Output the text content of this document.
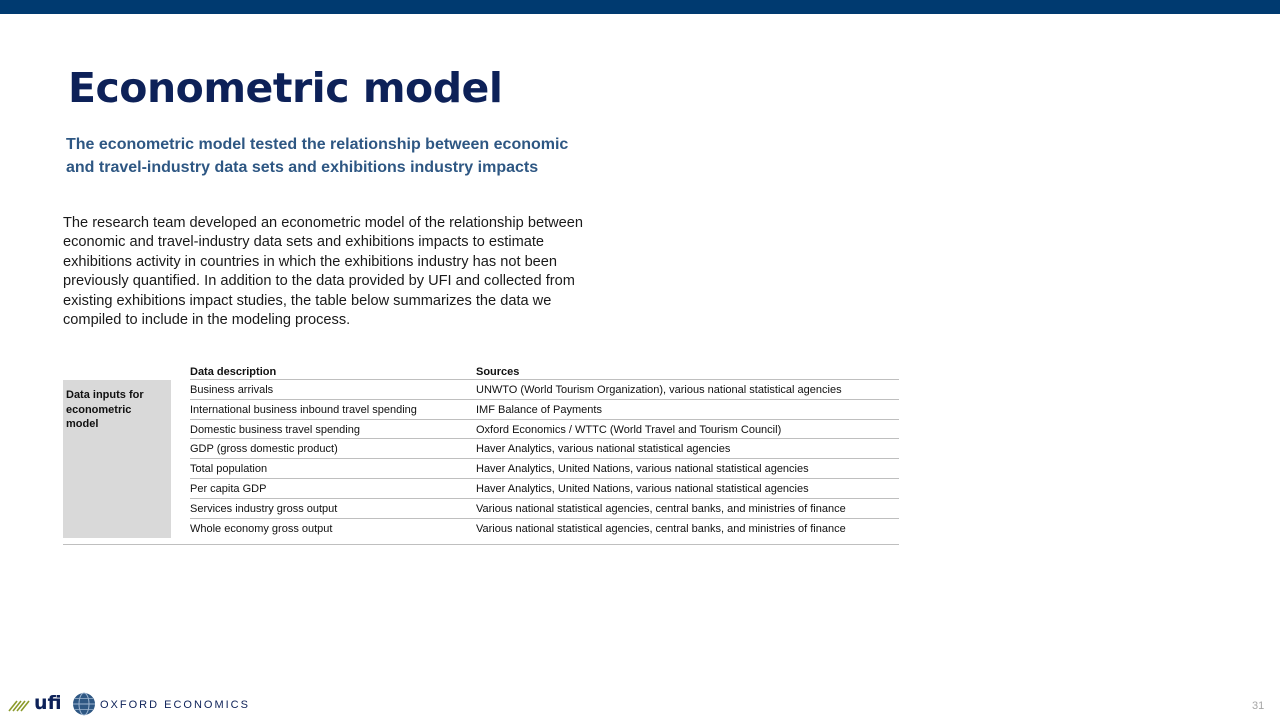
Econometric model

The econometric model tested the relationship between economic and travel-industry data sets and exhibitions industry impacts

The research team developed an econometric model of the relationship between economic and travel-industry data sets and exhibitions impacts to estimate exhibitions activity in countries in which the exhibitions industry has not been previously quantified. In addition to the data provided by UFI and collected from existing exhibitions impact studies, the table below summarizes the data we compiled to include in the modeling process.

Data description	Sources
Data inputs for econometric model
Business arrivals	UNWTO (World Tourism Organization), various national statistical agencies
International business inbound travel spending	IMF Balance of Payments
Domestic business travel spending	Oxford Economics / WTTC (World Travel and Tourism Council)
GDP (gross domestic product)	Haver Analytics, various national statistical agencies
Total population	Haver Analytics, United Nations, various national statistical agencies
Per capita GDP	Haver Analytics, United Nations, various national statistical agencies
Services industry gross output	Various national statistical agencies, central banks, and ministries of finance
Whole economy gross output	Various national statistical agencies, central banks, and ministries of finance
ufi	OXFORD ECONOMICS	31
